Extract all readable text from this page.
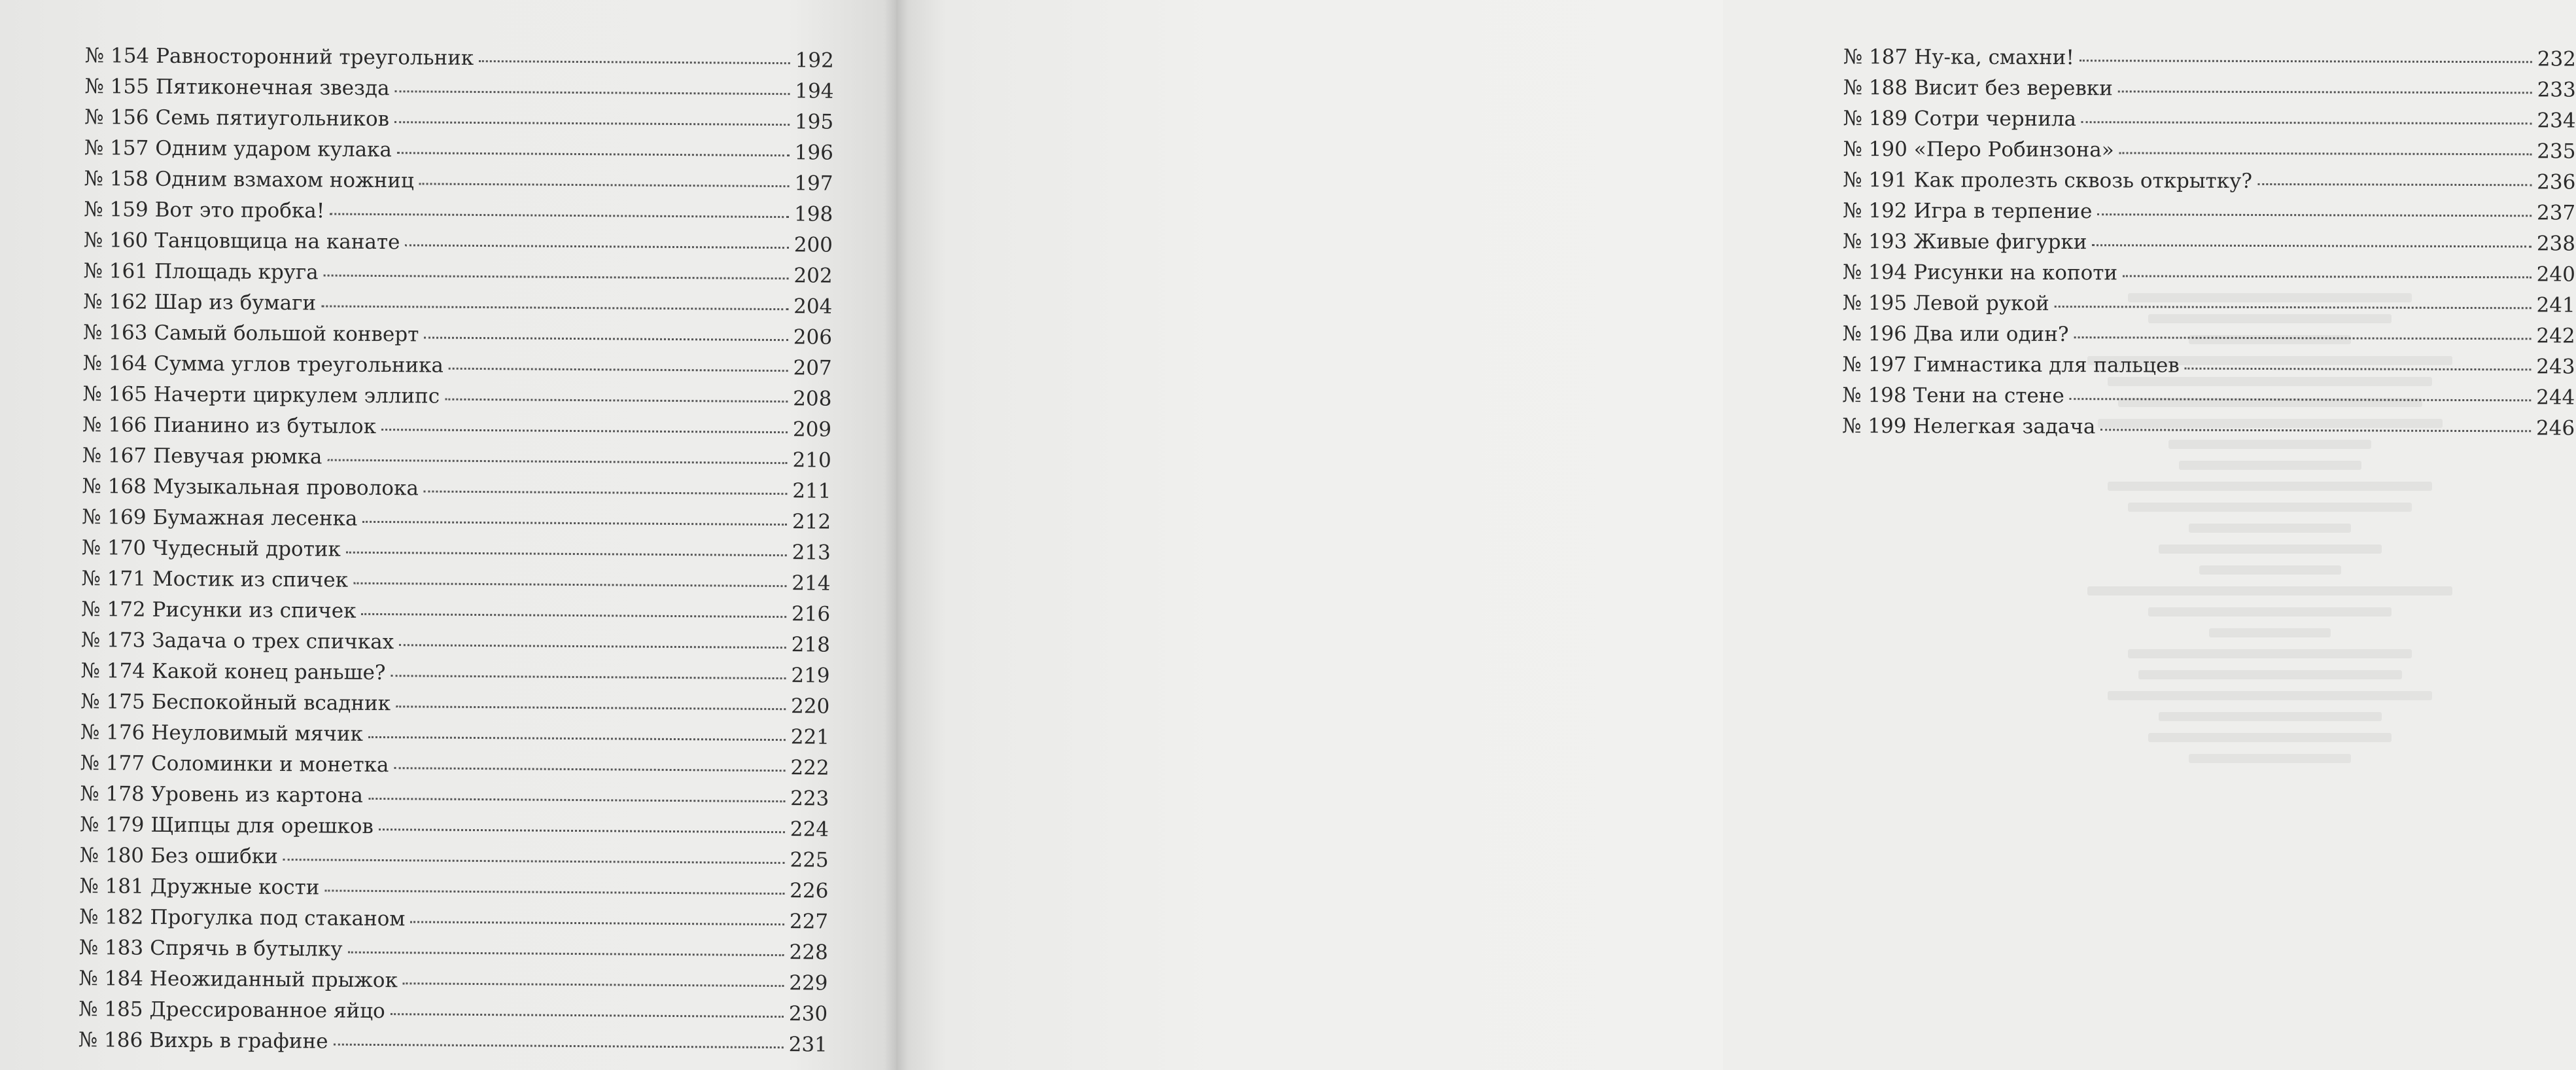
№ 154 Равносторонний треугольник	192
№ 155 Пятиконечная звезда	194
№ 156 Семь пятиугольников	195
№ 157 Одним ударом кулака	196
№ 158 Одним взмахом ножниц	197
№ 159 Вот это пробка!	198
№ 160 Танцовщица на канате	200
№ 161 Площадь круга	202
№ 162 Шар из бумаги	204
№ 163 Самый большой конверт	206
№ 164 Сумма углов треугольника	207
№ 165 Начерти циркулем эллипс	208
№ 166 Пианино из бутылок	209
№ 167 Певучая рюмка	210
№ 168 Музыкальная проволока	211
№ 169 Бумажная лесенка	212
№ 170 Чудесный дротик	213
№ 171 Мостик из спичек	214
№ 172 Рисунки из спичек	216
№ 173 Задача о трех спичках	218
№ 174 Какой конец раньше?	219
№ 175 Беспокойный всадник	220
№ 176 Неуловимый мячик	221
№ 177 Соломинки и монетка	222
№ 178 Уровень из картона	223
№ 179 Щипцы для орешков	224
№ 180 Без ошибки	225
№ 181 Дружные кости	226
№ 182 Прогулка под стаканом	227
№ 183 Спрячь в бутылку	228
№ 184 Неожиданный прыжок	229
№ 185 Дрессированное яйцо	230
№ 186 Вихрь в графине	231
№ 187 Ну-ка, смахни!	232
№ 188 Висит без веревки	233
№ 189 Сотри чернила	234
№ 190 «Перо Робинзона»	235
№ 191 Как пролезть сквозь открытку?	236
№ 192 Игра в терпение	237
№ 193 Живые фигурки	238
№ 194 Рисунки на копоти	240
№ 195 Левой рукой	241
№ 196 Два или один?	242
№ 197 Гимнастика для пальцев	243
№ 198 Тени на стене	244
№ 199 Нелегкая задача	246
